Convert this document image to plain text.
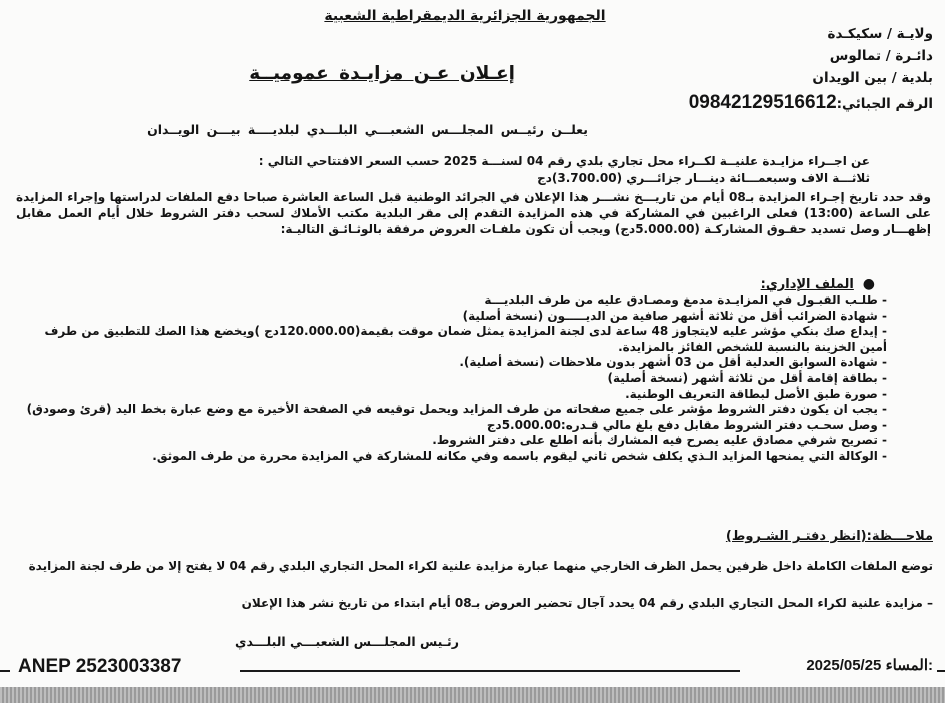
الجمهورية الجزائرية الديمقراطية الشعبية
ولايـة / سكيكـدة
دائـرة / تمالوس
بلدية / بين الويدان
الرقم الجبائي:09842129516612
إعـلان عـن مزايـدة عموميــة
يعلــن رئيــس المجلـــس الشعبـــي البلـــدي لبلديــــة بيـــن الويــدان
عن اجــراء مزايـدة علنيــة لكــراء محل تجاري بلدي رقم 04 لسنـــة 2025 حسب السعر الافتتاحي التالي :
ثلاثـــة الاف وسبعمـــائة دينـــار جزائـــري (3.700.00)دج
وقد حدد تاريخ إجـراء المزايدة بـ08 أيام من تاريـــخ نشـــر هذا الإعلان في الجرائد الوطنية قبل الساعة العاشرة صباحا دفع الملفات لدراستها وإجراء المزايدة على الساعة (13:00) فعلى الراغبين في المشاركة في هذه المزايدة التقدم إلى مقر البلدية مكتب الأملاك لسحب دفتر الشروط خلال أيام العمل مقابل إظهـــار وصل تسديد حقـوق المشاركـة (5.000.00دج) ويجب أن تكون ملفـات العروض مرفقة بالوثـائـق التاليـة:
●  الملف الإداري:
- طلـب القبـول في المزايـدة مدمغ ومصـادق عليه من طرف البلديـــة
- شهادة الضرائب أقل من ثلاثة أشهر صافية من الديـــــون (نسخة أصلية)
- إيداع صك بنكي مؤشر عليه لايتجاوز 48 ساعة لدى لجنة المزايدة يمثل ضمان موقت بقيمة(120.000.00دج )ويخضع هذا الصك للتطبيق من طرف أمين الخزينة بالنسبة للشخص الفائز بالمزايدة.
- شهادة السوابق العدلية أقل من 03 أشهر بدون ملاحظات (نسخة أصلية).
- بطاقة إقامة أقل من ثلاثة أشهر (نسخة أصلية)
- صورة طبق الأصل لبطاقة التعريف الوطنية.
- يجب ان يكون دفتر الشروط مؤشر على جميع صفحاته من طرف المزايد ويحمل توقيعه في الصفحة الأخيرة مع وضع عبارة بخط اليد (قرئ وصودق)
- وصل سحـب دفتر الشروط مقابل دفع بلغ مالي قـدره:5.000.00دج
- تصريح شرفي مصادق عليه يصرح فيه المشارك بأنه اطلع على دفتر الشروط.
- الوكالة التي يمنحها المزايد الـذي يكلف شخص ثاني ليقوم باسمه وفي مكانه للمشاركة في المزايدة محررة من طرف الموثق.
ملاحـــظة:(انظر دفتـر الشـروط)
توضع الملفات الكاملة داخل ظرفين يحمل الظرف الخارجي منهما عبارة مزايدة علنية لكراء المحل التجاري البلدي رقم 04 لا يفتح إلا من طرف لجنة المزايدة
– مزايدة علنية لكراء المحل التجاري البلدي رقم 04 يحدد آجال تحضير العروض بـ08 أيام ابتداء من تاريخ نشر هذا الإعلان
رئـيس المجلـــس الشعبـــي البلـــدي
ANEP 2523003387	:المساء 2025/05/25
